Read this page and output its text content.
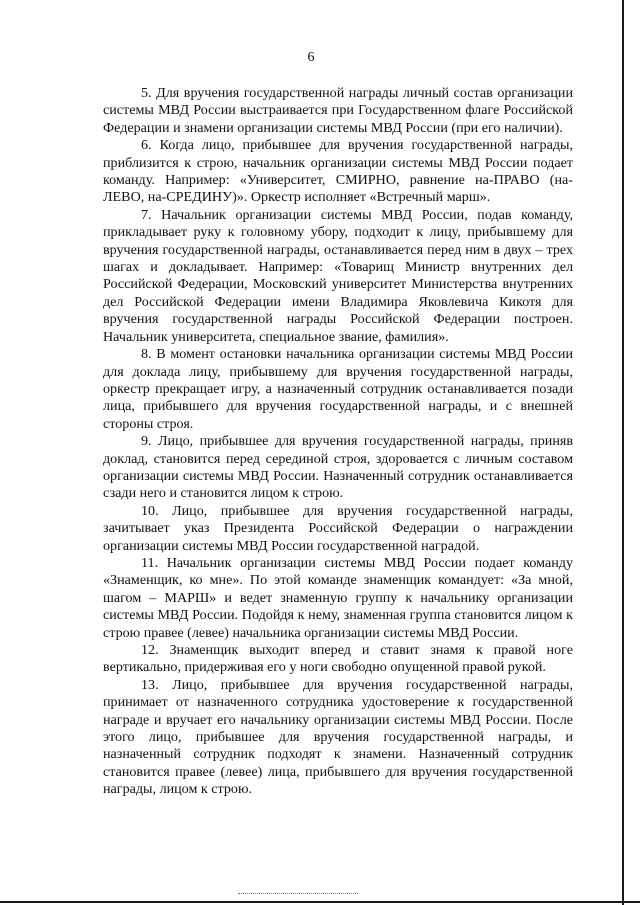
6

5. Для вручения государственной награды личный состав организации системы МВД России выстраивается при Государственном флаге Российской Федерации и знамени организации системы МВД России (при его наличии).

6. Когда лицо, прибывшее для вручения государственной награды, приблизится к строю, начальник организации системы МВД России подает команду. Например: «Университет, СМИРНО, равнение на-ПРАВО (на-ЛЕВО, на-СРЕДИНУ)». Оркестр исполняет «Встречный марш».

7. Начальник организации системы МВД России, подав команду, прикладывает руку к головному убору, подходит к лицу, прибывшему для вручения государственной награды, останавливается перед ним в двух – трех шагах и докладывает. Например: «Товарищ Министр внутренних дел Российской Федерации, Московский университет Министерства внутренних дел Российской Федерации имени Владимира Яковлевича Кикотя для вручения государственной награды Российской Федерации построен. Начальник университета, специальное звание, фамилия».

8. В момент остановки начальника организации системы МВД России для доклада лицу, прибывшему для вручения государственной награды, оркестр прекращает игру, а назначенный сотрудник останавливается позади лица, прибывшего для вручения государственной награды, и с внешней стороны строя.

9. Лицо, прибывшее для вручения государственной награды, приняв доклад, становится перед серединой строя, здоровается с личным составом организации системы МВД России. Назначенный сотрудник останавливается сзади него и становится лицом к строю.

10. Лицо, прибывшее для вручения государственной награды, зачитывает указ Президента Российской Федерации о награждении организации системы МВД России государственной наградой.

11. Начальник организации системы МВД России подает команду «Знаменщик, ко мне». По этой команде знаменщик командует: «За мной, шагом – МАРШ» и ведет знаменную группу к начальнику организации системы МВД России. Подойдя к нему, знаменная группа становится лицом к строю правее (левее) начальника организации системы МВД России.

12. Знаменщик выходит вперед и ставит знамя к правой ноге вертикально, придерживая его у ноги свободно опущенной правой рукой.

13. Лицо, прибывшее для вручения государственной награды, принимает от назначенного сотрудника удостоверение к государственной награде и вручает его начальнику организации системы МВД России. После этого лицо, прибывшее для вручения государственной награды, и назначенный сотрудник подходят к знамени. Назначенный сотрудник становится правее (левее) лица, прибывшего для вручения государственной награды, лицом к строю.
